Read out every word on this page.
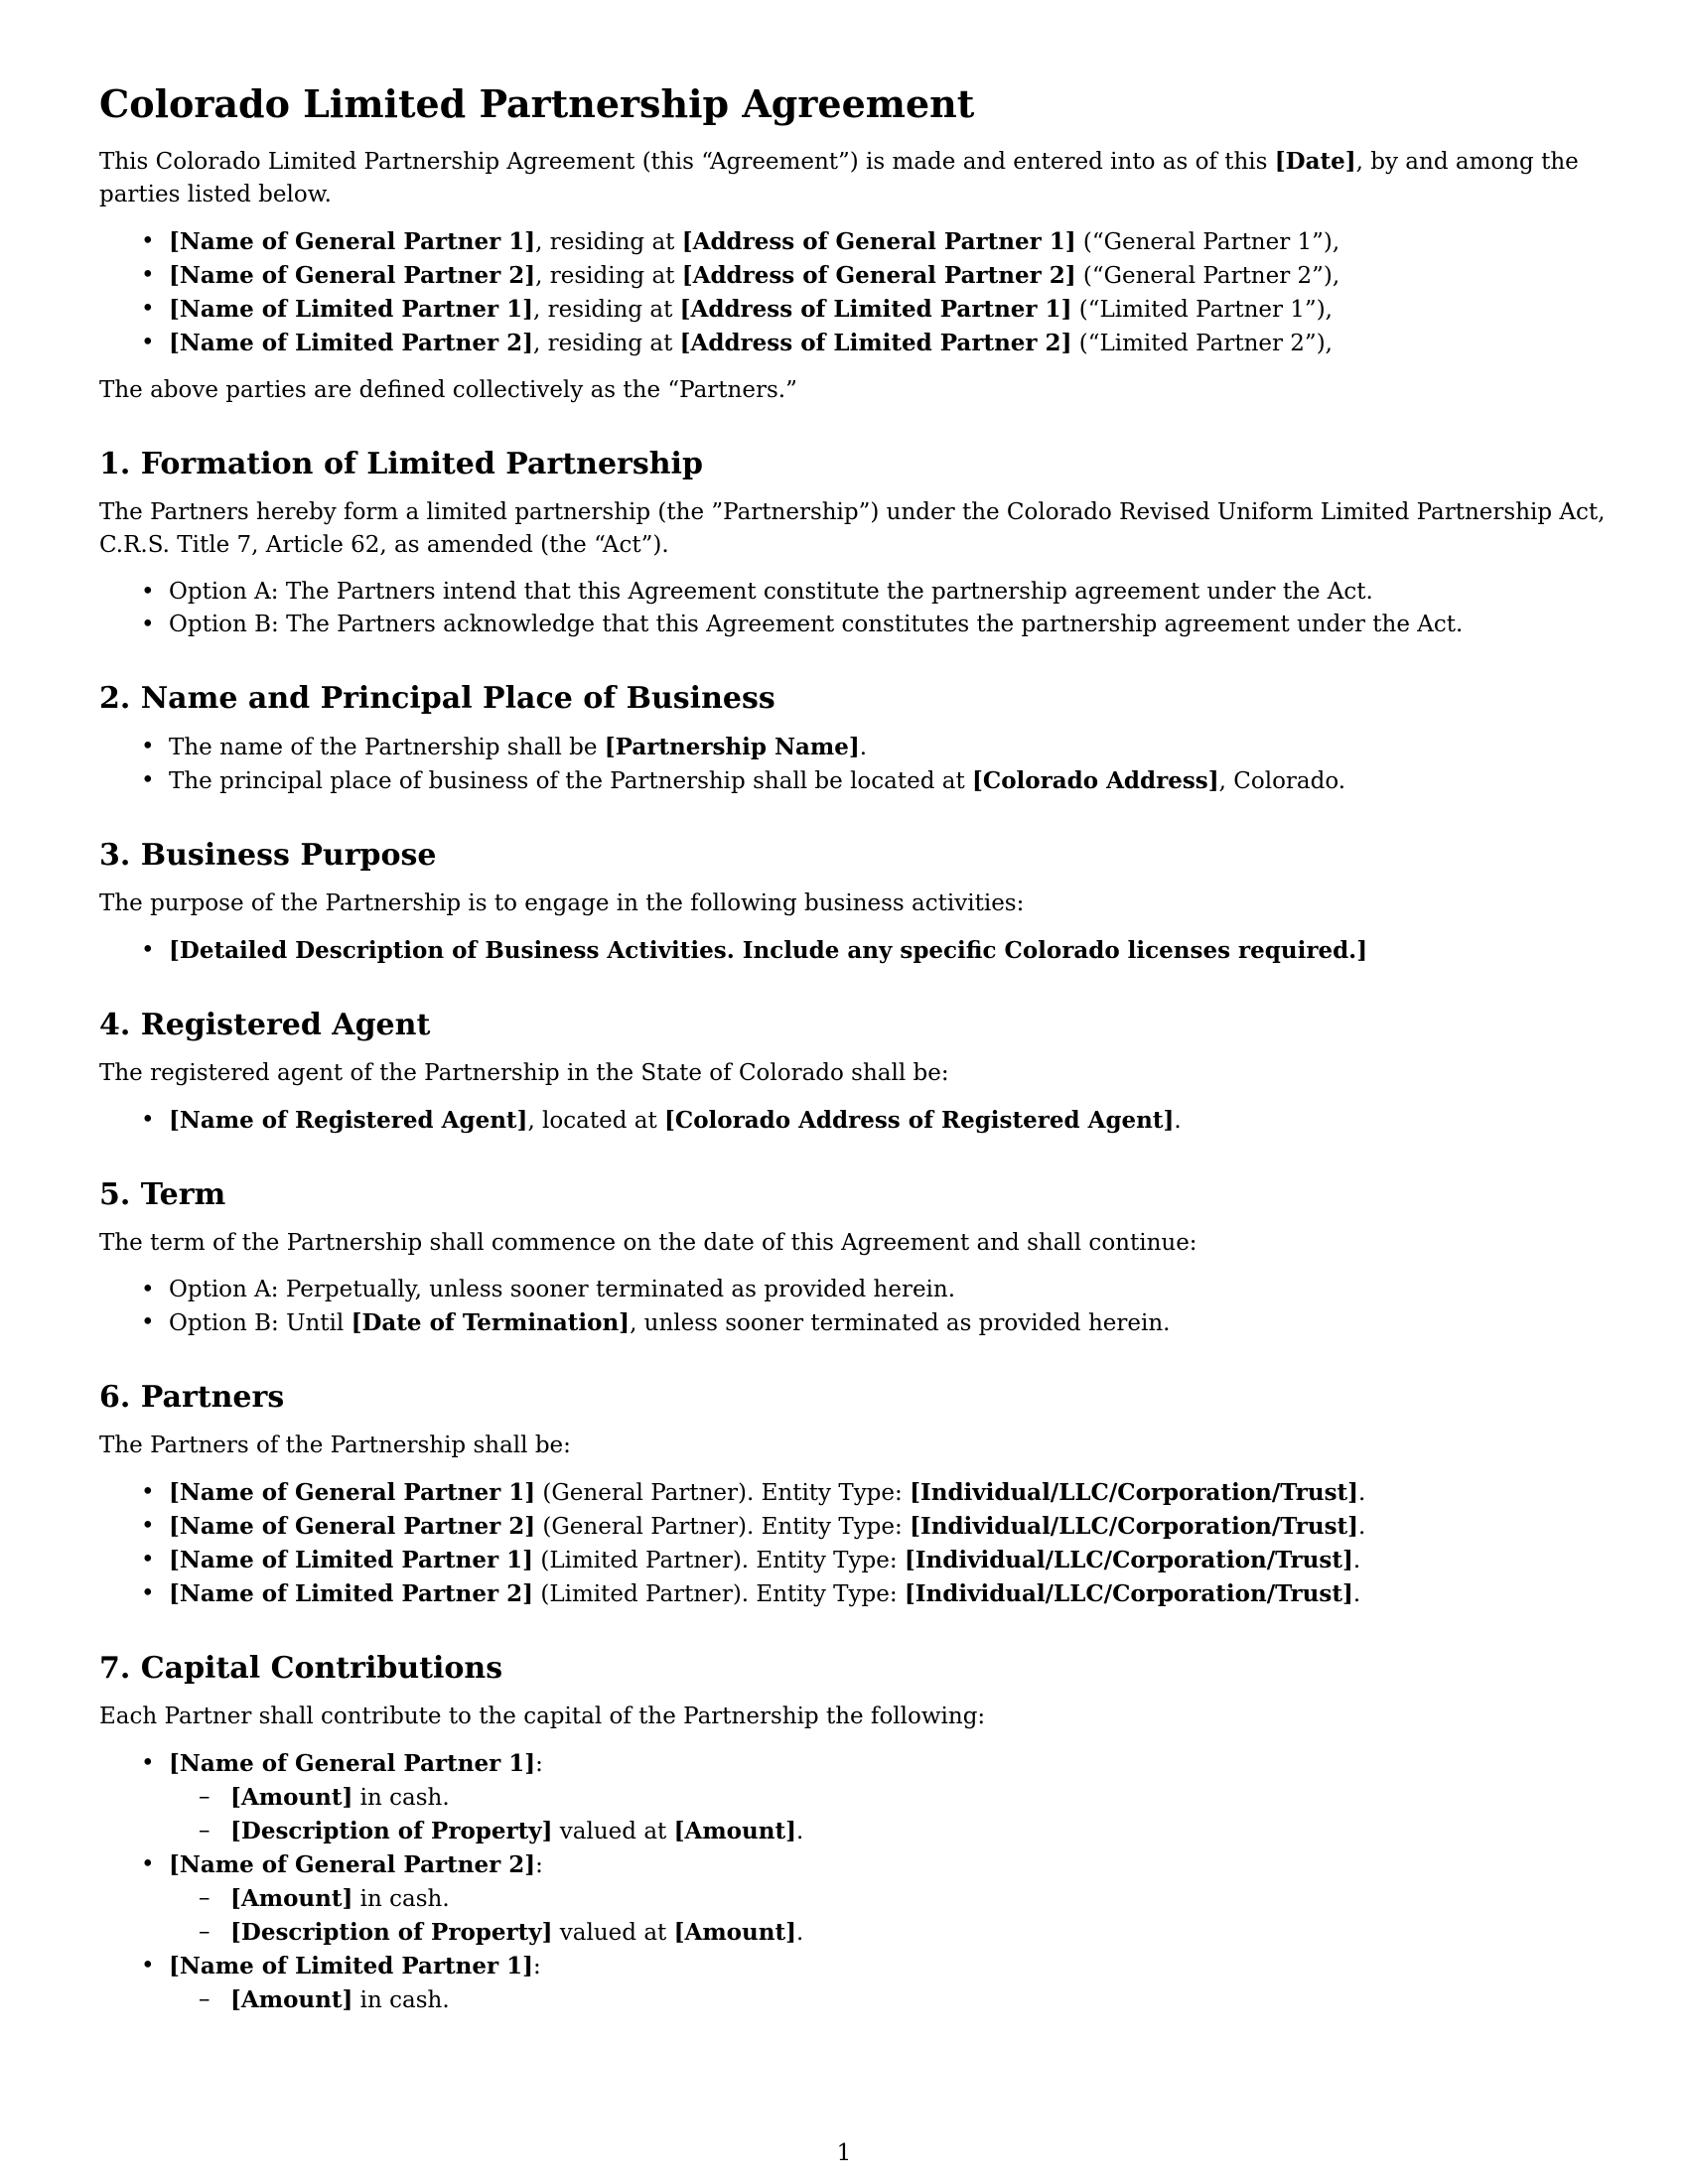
Colorado Limited Partnership Agreement

This Colorado Limited Partnership Agreement (this “Agreement”) is made and entered into as of this [Date], by and among the parties listed below.

• [Name of General Partner 1], residing at [Address of General Partner 1] (“General Partner 1”),
• [Name of General Partner 2], residing at [Address of General Partner 2] (“General Partner 2”),
• [Name of Limited Partner 1], residing at [Address of Limited Partner 1] (“Limited Partner 1”),
• [Name of Limited Partner 2], residing at [Address of Limited Partner 2] (“Limited Partner 2”),

The above parties are defined collectively as the “Partners.”

1. Formation of Limited Partnership

The Partners hereby form a limited partnership (the ”Partnership”) under the Colorado Revised Uniform Limited Partnership Act, C.R.S. Title 7, Article 62, as amended (the “Act”).

• Option A: The Partners intend that this Agreement constitute the partnership agreement under the Act.
• Option B: The Partners acknowledge that this Agreement constitutes the partnership agreement under the Act.
2. Name and Principal Place of Business
• The name of the Partnership shall be [Partnership Name].
• The principal place of business of the Partnership shall be located at [Colorado Address], Colorado.
3. Business Purpose

The purpose of the Partnership is to engage in the following business activities:

• [Detailed Description of Business Activities. Include any specific Colorado licenses required.]
4. Registered Agent

The registered agent of the Partnership in the State of Colorado shall be:

• [Name of Registered Agent], located at [Colorado Address of Registered Agent].
5. Term

The term of the Partnership shall commence on the date of this Agreement and shall continue:

• Option A: Perpetually, unless sooner terminated as provided herein.
• Option B: Until [Date of Termination], unless sooner terminated as provided herein.
6. Partners

The Partners of the Partnership shall be:

• [Name of General Partner 1] (General Partner). Entity Type: [Individual/LLC/Corporation/Trust].
• [Name of General Partner 2] (General Partner). Entity Type: [Individual/LLC/Corporation/Trust].
• [Name of Limited Partner 1] (Limited Partner). Entity Type: [Individual/LLC/Corporation/Trust].
• [Name of Limited Partner 2] (Limited Partner). Entity Type: [Individual/LLC/Corporation/Trust].
7. Capital Contributions

Each Partner shall contribute to the capital of the Partnership the following:

• [Name of General Partner 1]:
– [Amount] in cash.
– [Description of Property] valued at [Amount].
• [Name of General Partner 2]:
– [Amount] in cash.
– [Description of Property] valued at [Amount].
• [Name of Limited Partner 1]:
– [Amount] in cash.
1
